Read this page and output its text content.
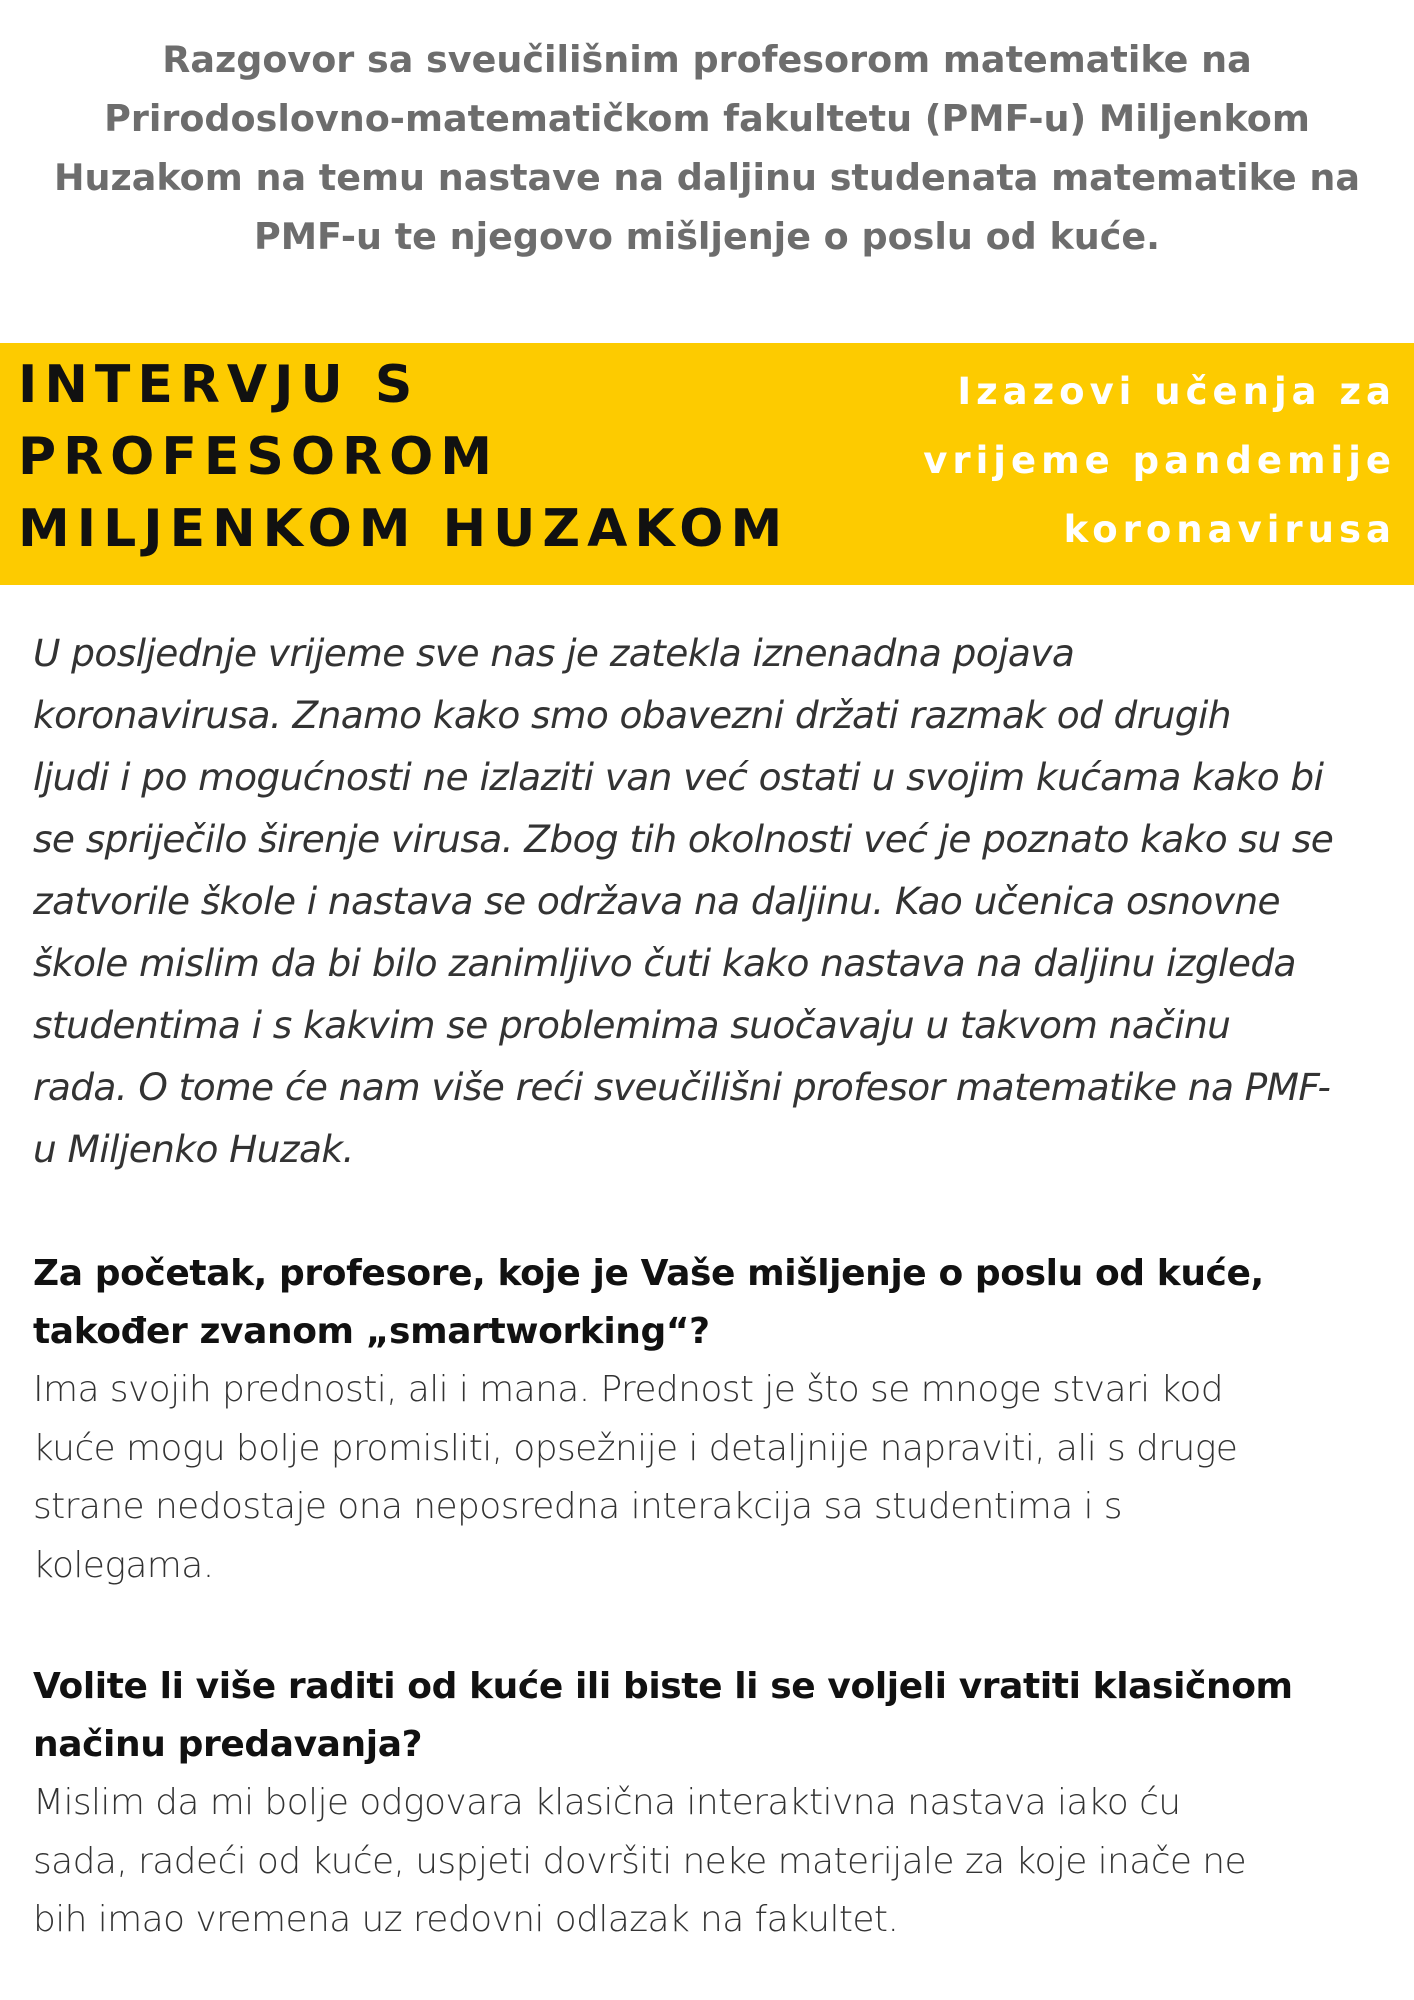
Razgovor sa sveučilišnim profesorom matematike na
Prirodoslovno-matematičkom fakultetu (PMF-u) Miljenkom
Huzakom na temu nastave na daljinu studenata matematike na
PMF-u te njegovo mišljenje o poslu od kuće.
INTERVJU S
PROFESOROM
MILJENKOM HUZAKOM

Izazovi učenja za
vrijeme pandemije
koronavirusa

U posljednje vrijeme sve nas je zatekla iznenadna pojava
koronavirusa. Znamo kako smo obavezni držati razmak od drugih
ljudi i po mogućnosti ne izlaziti van već ostati u svojim kućama kako bi
se spriječilo širenje virusa. Zbog tih okolnosti već je poznato kako su se
zatvorile škole i nastava se održava na daljinu. Kao učenica osnovne
škole mislim da bi bilo zanimljivo čuti kako nastava na daljinu izgleda
studentima i s kakvim se problemima suočavaju u takvom načinu
rada. O tome će nam više reći sveučilišni profesor matematike na PMF-
u Miljenko Huzak.

Za početak, profesore, koje je Vaše mišljenje o poslu od kuće,
također zvanom „smartworking“?

Ima svojih prednosti, ali i mana. Prednost je što se mnoge stvari kod
kuće mogu bolje promisliti, opsežnije i detaljnije napraviti, ali s druge
strane nedostaje ona neposredna interakcija sa studentima i s
kolegama.

Volite li više raditi od kuće ili biste li se voljeli vratiti klasičnom
načinu predavanja?

Mislim da mi bolje odgovara klasična interaktivna nastava iako ću
sada, radeći od kuće, uspjeti dovršiti neke materijale za koje inače ne
bih imao vremena uz redovni odlazak na fakultet.
